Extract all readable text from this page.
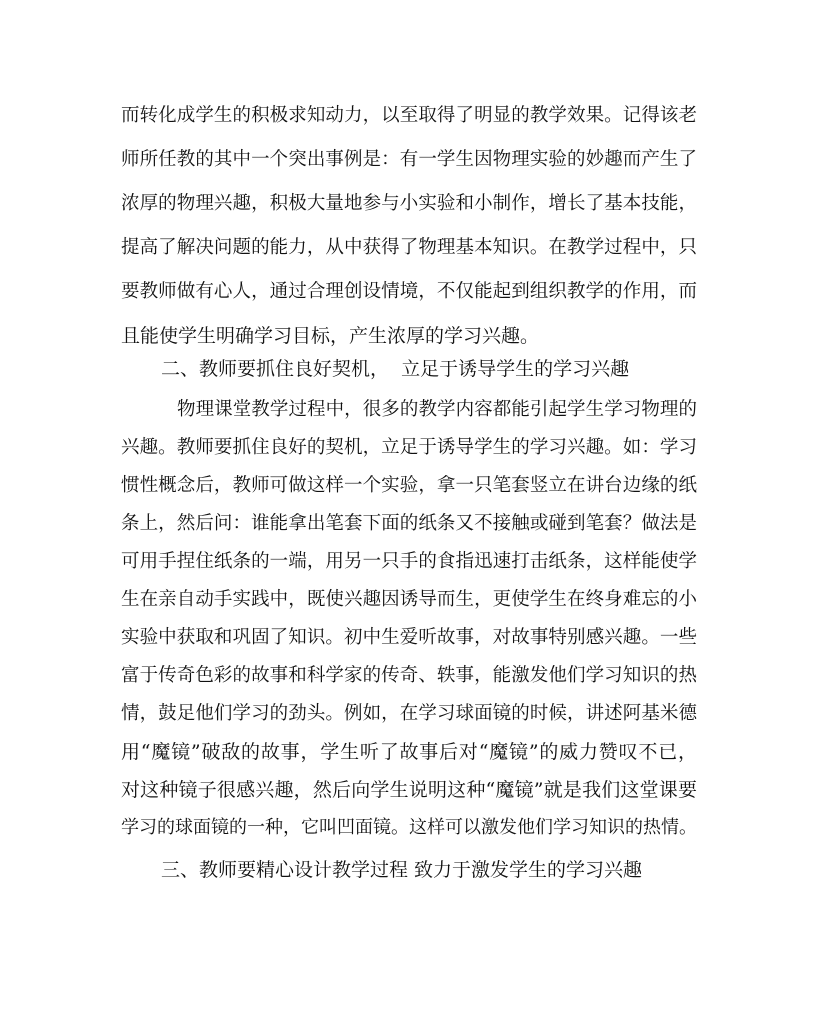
而转化成学生的积极求知动力，以至取得了明显的教学效果。记得该老
师所任教的其中一个突出事例是：有一学生因物理实验的妙趣而产生了
浓厚的物理兴趣，积极大量地参与小实验和小制作，增长了基本技能，
提高了解决问题的能力，从中获得了物理基本知识。在教学过程中，只
要教师做有心人，通过合理创设情境，不仅能起到组织教学的作用，而
且能使学生明确学习目标，产生浓厚的学习兴趣。
二、教师要抓住良好契机，  立足于诱导学生的学习兴趣
物理课堂教学过程中，很多的教学内容都能引起学生学习物理的
兴趣。教师要抓住良好的契机，立足于诱导学生的学习兴趣。如：学习
惯性概念后，教师可做这样一个实验，拿一只笔套竖立在讲台边缘的纸
条上，然后问：谁能拿出笔套下面的纸条又不接触或碰到笔套？做法是
可用手捏住纸条的一端，用另一只手的食指迅速打击纸条，这样能使学
生在亲自动手实践中，既使兴趣因诱导而生，更使学生在终身难忘的小
实验中获取和巩固了知识。初中生爱听故事，对故事特别感兴趣。一些
富于传奇色彩的故事和科学家的传奇、轶事，能激发他们学习知识的热
情，鼓足他们学习的劲头。例如，在学习球面镜的时候，讲述阿基米德
用“魔镜”破敌的故事，学生听了故事后对“魔镜”的威力赞叹不已，
对这种镜子很感兴趣，然后向学生说明这种“魔镜”就是我们这堂课要
学习的球面镜的一种，它叫凹面镜。这样可以激发他们学习知识的热情。
三、教师要精心设计教学过程 致力于激发学生的学习兴趣
